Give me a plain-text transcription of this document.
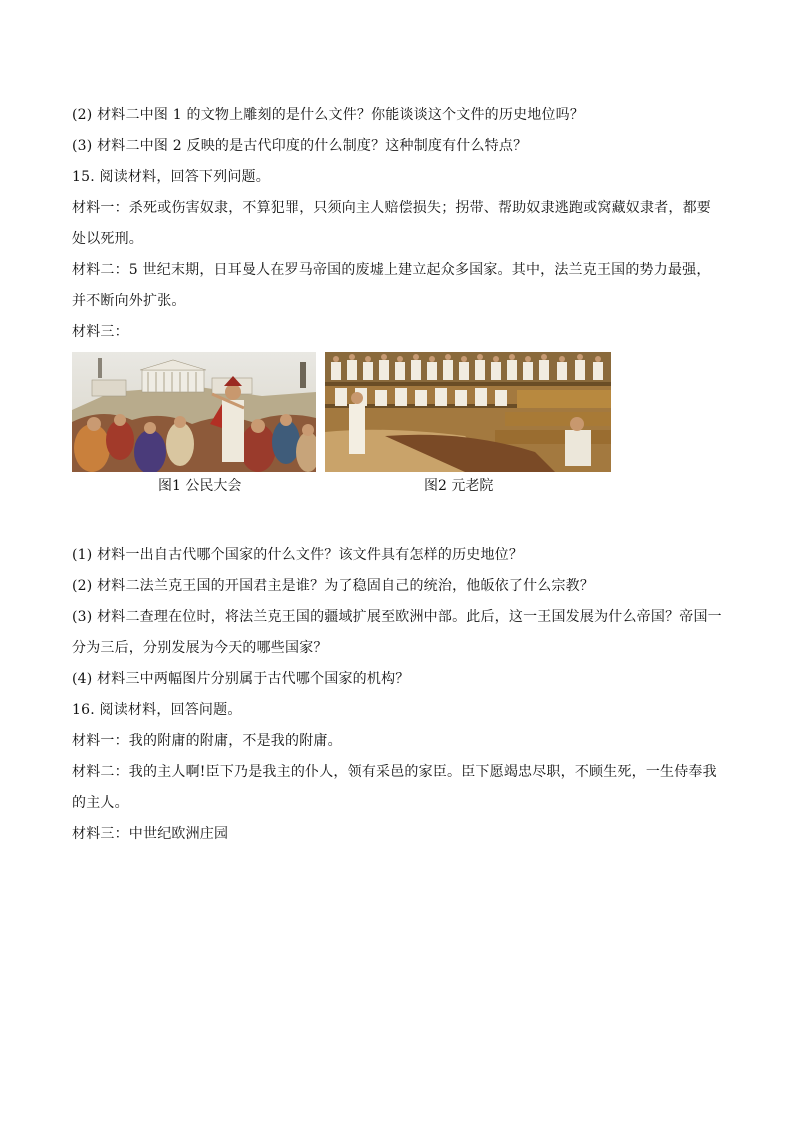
(2) 材料二中图 1 的文物上雕刻的是什么文件？你能谈谈这个文件的历史地位吗？

(3) 材料二中图 2 反映的是古代印度的什么制度？这种制度有什么特点？

15. 阅读材料，回答下列问题。

材料一：杀死或伤害奴隶，不算犯罪，只须向主人赔偿损失；拐带、帮助奴隶逃跑或窝藏奴隶者，都要处以死刑。

材料二：5 世纪末期，日耳曼人在罗马帝国的废墟上建立起众多国家。其中，法兰克王国的势力最强，并不断向外扩张。

材料三：

图1 公民大会	图2 元老院

(1) 材料一出自古代哪个国家的什么文件？该文件具有怎样的历史地位？

(2) 材料二法兰克王国的开国君主是谁？为了稳固自己的统治，他皈依了什么宗教？

(3) 材料二查理在位时，将法兰克王国的疆域扩展至欧洲中部。此后，这一王国发展为什么帝国？帝国一分为三后，分别发展为今天的哪些国家？

(4) 材料三中两幅图片分别属于古代哪个国家的机构？

16. 阅读材料，回答问题。

材料一：我的附庸的附庸，不是我的附庸。

材料二：我的主人啊!臣下乃是我主的仆人，领有采邑的家臣。臣下愿竭忠尽职，不顾生死，一生侍奉我的主人。

材料三：中世纪欧洲庄园
